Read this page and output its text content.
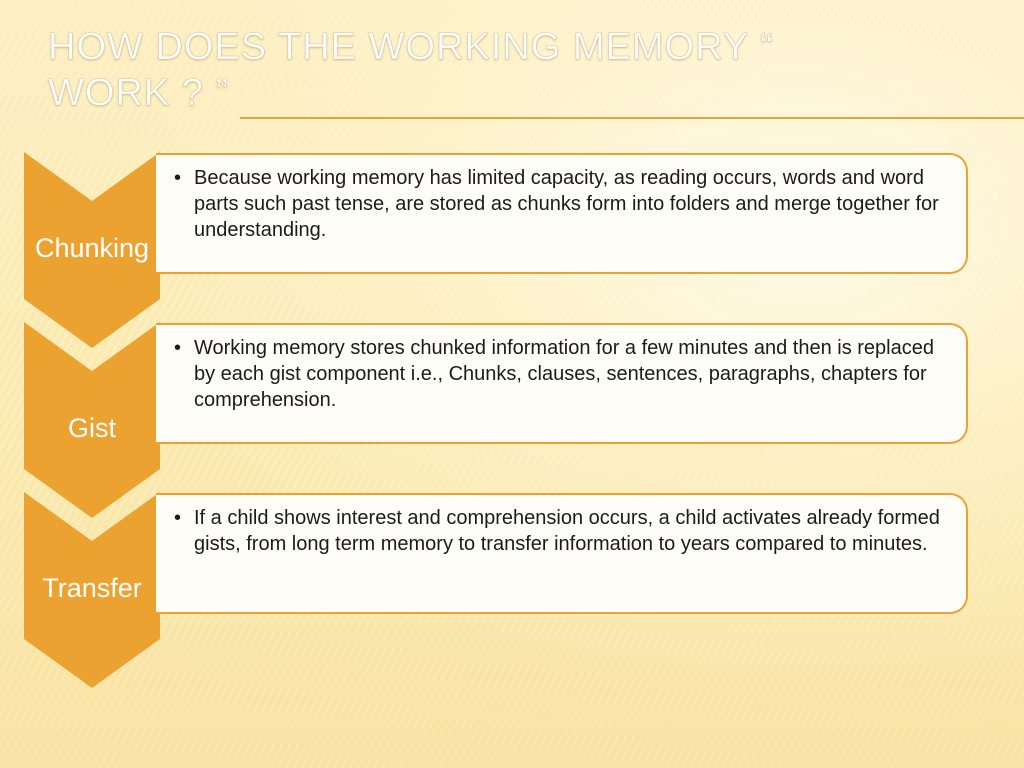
HOW DOES THE WORKING MEMORY “ WORK ? ”
Chunking
• Because working memory has limited capacity, as reading occurs, words and word parts such past tense, are stored as chunks form into folders and merge together for understanding.
Gist
• Working memory stores chunked information for a few minutes and then is replaced by each gist component i.e., Chunks, clauses, sentences, paragraphs, chapters for comprehension.
Transfer
• If a child shows interest and comprehension occurs, a child activates already formed gists, from long term memory to transfer information to years compared to minutes.
